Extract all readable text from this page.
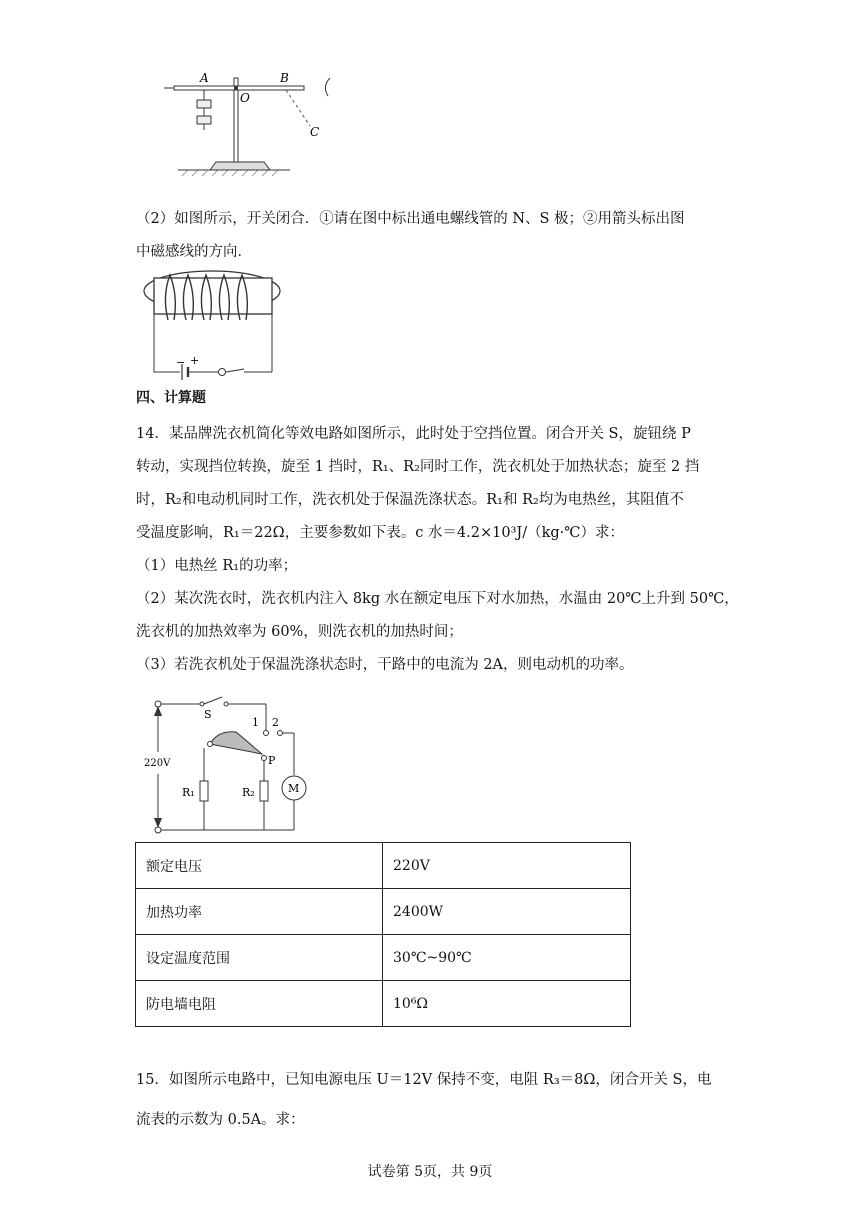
A
O
B
C
（2）如图所示，开关闭合．①请在图中标出通电螺线管的 N、S 极；②用箭头标出图
中磁感线的方向．
− +
四、计算题
14．某品牌洗衣机简化等效电路如图所示，此时处于空挡位置。闭合开关 S，旋钮绕 P
转动，实现挡位转换，旋至 1 挡时，R₁、R₂同时工作，洗衣机处于加热状态；旋至 2 挡
时，R₂和电动机同时工作，洗衣机处于保温洗涤状态。R₁和 R₂均为电热丝，其阻值不
受温度影响，R₁＝22Ω，主要参数如下表。c 水＝4.2×10³J/（kg·℃）求：
（1）电热丝 R₁的功率；
（2）某次洗衣时，洗衣机内注入 8kg 水在额定电压下对水加热，水温由 20℃上升到 50℃，
洗衣机的加热效率为 60%，则洗衣机的加热时间；
（3）若洗衣机处于保温洗涤状态时，干路中的电流为 2A，则电动机的功率。
220V
S
1 2
P
R₁	R₂	M
额定电压	220V
加热功率	2400W
设定温度范围	30℃~90℃
防电墙电阻	10⁶Ω
15．如图所示电路中，已知电源电压 U＝12V 保持不变，电阻 R₃＝8Ω，闭合开关 S，电
流表的示数为 0.5A。求：
试卷第 5页，共 9页
